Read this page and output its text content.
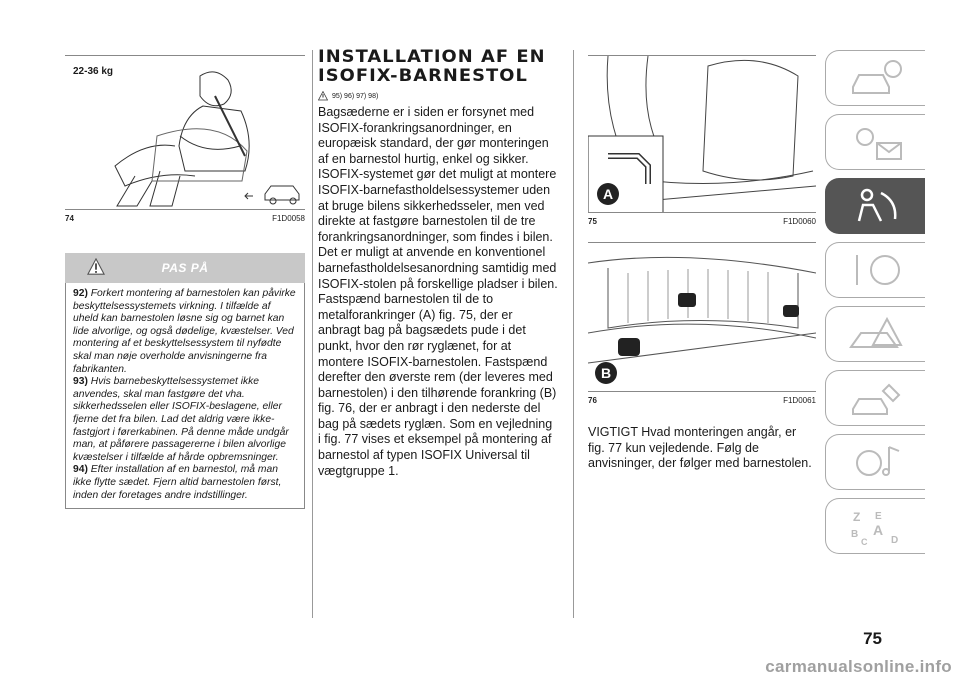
22-36 kg
74	F1D0058
PAS PÅ

92) Forkert montering af barnestolen kan påvirke beskyttelsessystemets virkning. I tilfælde af uheld kan barnestolen løsne sig og barnet kan lide alvorlige, og også dødelige, kvæstelser. Ved montering af et beskyttelsessystem til nyfødte skal man nøje overholde anvisningerne fra fabrikanten.

93) Hvis barnebeskyttelsessystemet ikke anvendes, skal man fastgøre det vha. sikkerhedsselen eller ISOFIX-beslagene, eller fjerne det fra bilen. Lad det aldrig være ikke-fastgjort i førerkabinen. På denne måde undgår man, at påførere passagererne i bilen alvorlige kvæstelser i tilfælde af hårde opbremsninger.

94) Efter installation af en barnestol, må man ikke flytte sædet. Fjern altid barnestolen først, inden der foretages andre indstillinger.

INSTALLATION AF EN
ISOFIX-BARNESTOL
95) 96) 97) 98)
Bagsæderne er i siden er forsynet med ISOFIX-forankringsanordninger, en europæisk standard, der gør monteringen af en barnestol hurtig, enkel og sikker. ISOFIX-systemet gør det muligt at montere ISOFIX-barnefastholdelsessystemer uden at bruge bilens sikkerhedsseler, men ved direkte at fastgøre barnestolen til de tre forankringsanordninger, som findes i bilen. Det er muligt at anvende en konventionel barnefastholdelsesanordning samtidig med ISOFIX-stolen på forskellige pladser i bilen. Fastspænd barnestolen til de to metalforankringer (A) fig. 75, der er anbragt bag på bagsædets pude i det punkt, hvor den rør ryglænet, for at montere ISOFIX-barnestolen. Fastspænd derefter den øverste rem (der leveres med barnestolen) i den tilhørende forankring (B) fig. 76, der er anbragt i den nederste del bag på sædets ryglæn. Som en vejledning i fig. 77 vises et eksempel på montering af barnestol af typen ISOFIX Universal til vægtgruppe 1.
A
75	F1D0060
B
76	F1D0061
VIGTIGT Hvad monteringen angår, er fig. 77 kun vejledende. Følg de anvisninger, der følger med barnestolen.
Z E
B A
C D
75
carmanualsonline.info
